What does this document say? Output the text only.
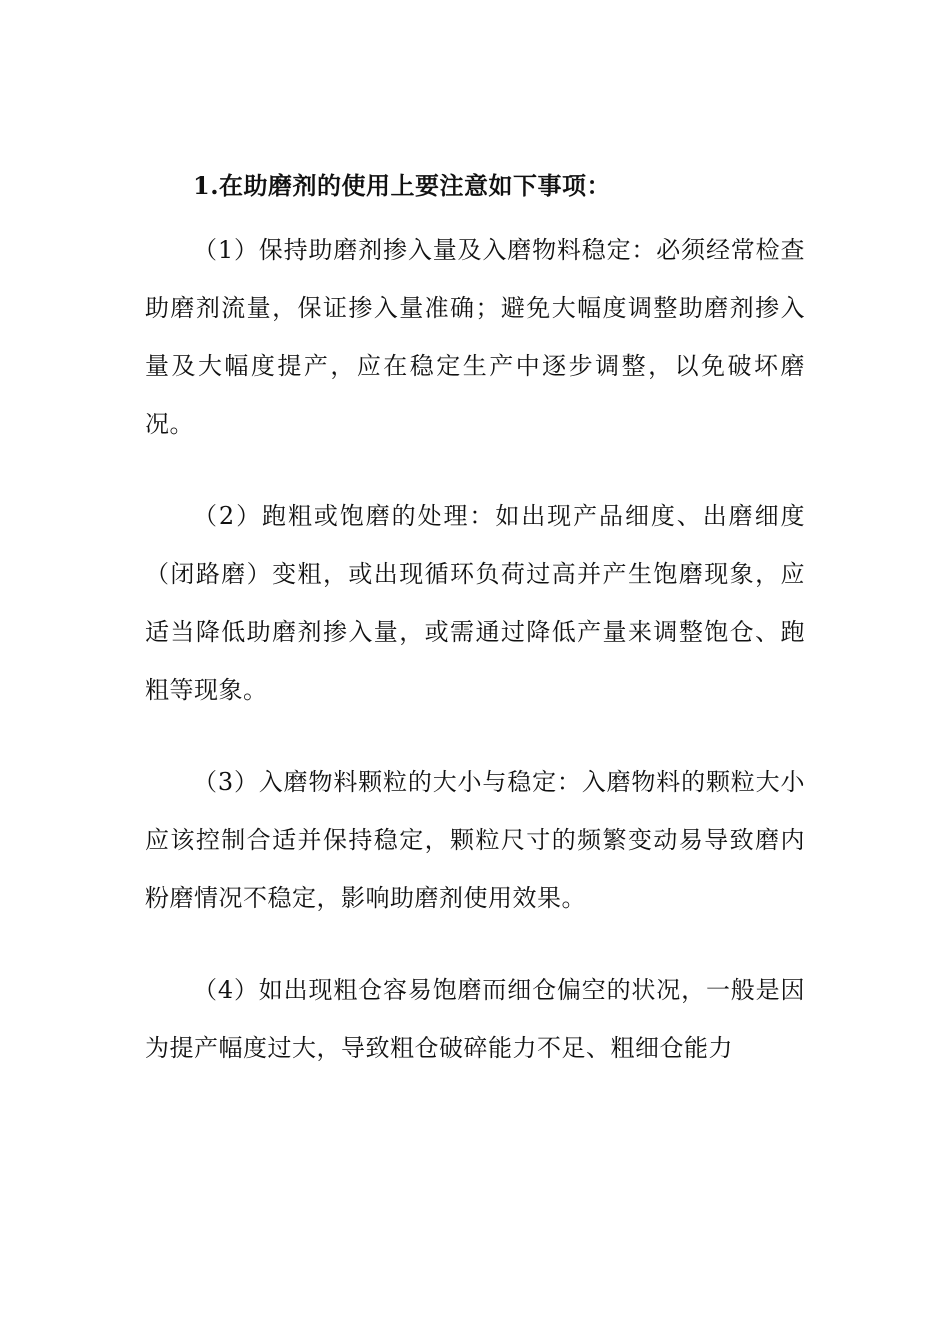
1.在助磨剂的使用上要注意如下事项：

（1）保持助磨剂掺入量及入磨物料稳定：必须经常检查助磨剂流量，保证掺入量准确；避免大幅度调整助磨剂掺入量及大幅度提产，应在稳定生产中逐步调整，以免破坏磨况。

（2）跑粗或饱磨的处理：如出现产品细度、出磨细度（闭路磨）变粗，或出现循环负荷过高并产生饱磨现象，应适当降低助磨剂掺入量，或需通过降低产量来调整饱仓、跑粗等现象。

（3）入磨物料颗粒的大小与稳定：入磨物料的颗粒大小应该控制合适并保持稳定，颗粒尺寸的频繁变动易导致磨内粉磨情况不稳定，影响助磨剂使用效果。

（4）如出现粗仓容易饱磨而细仓偏空的状况，一般是因为提产幅度过大，导致粗仓破碎能力不足、粗细仓能力
